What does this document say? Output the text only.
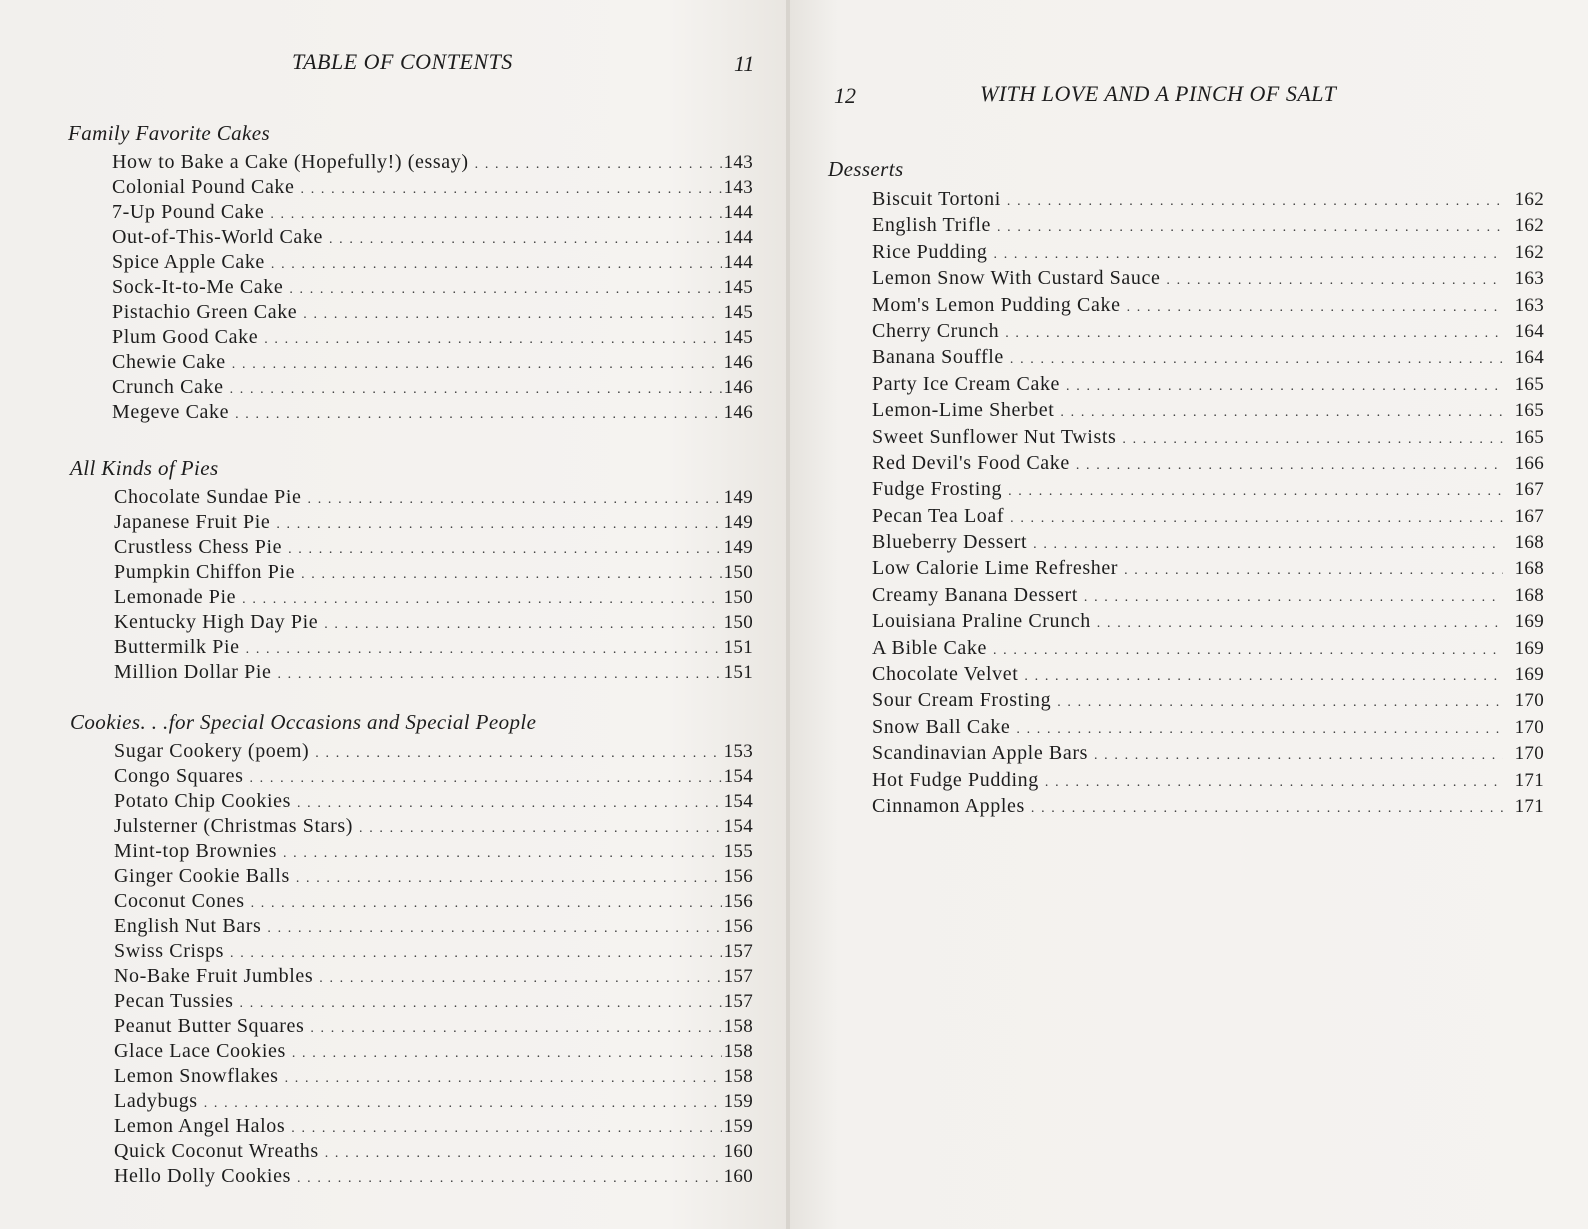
TABLE OF CONTENTS	11
Family Favorite Cakes
How to Bake a Cake (Hopefully!) (essay) . . .	143
Colonial Pound Cake . . .	143
7-Up Pound Cake . . .	144
Out-of-This-World Cake . . .	144
Spice Apple Cake . . .	144
Sock-It-to-Me Cake . . .	145
Pistachio Green Cake . . .	145
Plum Good Cake . . .	145
Chewie Cake . . .	146
Crunch Cake . . .	146
Megeve Cake . . .	146
All Kinds of Pies
Chocolate Sundae Pie . . .	149
Japanese Fruit Pie . . .	149
Crustless Chess Pie . . .	149
Pumpkin Chiffon Pie . . .	150
Lemonade Pie . . .	150
Kentucky High Day Pie . . .	150
Buttermilk Pie . . .	151
Million Dollar Pie . . .	151
Cookies. . .for Special Occasions and Special People
Sugar Cookery (poem) . . .	153
Congo Squares . . .	154
Potato Chip Cookies . . .	154
Julsterner (Christmas Stars) . . .	154
Mint-top Brownies . . .	155
Ginger Cookie Balls . . .	156
Coconut Cones . . .	156
English Nut Bars . . .	156
Swiss Crisps . . .	157
No-Bake Fruit Jumbles . . .	157
Pecan Tussies . . .	157
Peanut Butter Squares . . .	158
Glace Lace Cookies . . .	158
Lemon Snowflakes . . .	158
Ladybugs . . .	159
Lemon Angel Halos . . .	159
Quick Coconut Wreaths . . .	160
Hello Dolly Cookies . . .	160
12	WITH LOVE AND A PINCH OF SALT
Desserts
Biscuit Tortoni . . .	162
English Trifle . . .	162
Rice Pudding . . .	162
Lemon Snow With Custard Sauce . . .	163
Mom's Lemon Pudding Cake . . .	163
Cherry Crunch . . .	164
Banana Souffle . . .	164
Party Ice Cream Cake . . .	165
Lemon-Lime Sherbet . . .	165
Sweet Sunflower Nut Twists . . .	165
Red Devil's Food Cake . . .	166
Fudge Frosting . . .	167
Pecan Tea Loaf . . .	167
Blueberry Dessert . . .	168
Low Calorie Lime Refresher . . .	168
Creamy Banana Dessert . . .	168
Louisiana Praline Crunch . . .	169
A Bible Cake . . .	169
Chocolate Velvet . . .	169
Sour Cream Frosting . . .	170
Snow Ball Cake . . .	170
Scandinavian Apple Bars . . .	170
Hot Fudge Pudding . . .	171
Cinnamon Apples . . .	171
